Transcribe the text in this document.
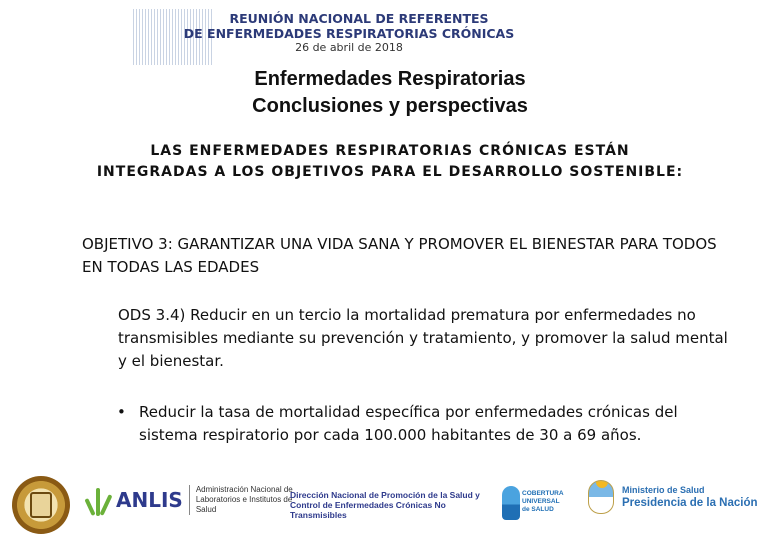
REUNIÓN NACIONAL DE REFERENTES
DE ENFERMEDADES RESPIRATORIAS CRÓNICAS
26 de abril de 2018
Enfermedades Respiratorias
Conclusiones y perspectivas
LAS ENFERMEDADES RESPIRATORIAS CRÓNICAS ESTÁN INTEGRADAS A LOS OBJETIVOS PARA EL DESARROLLO SOSTENIBLE:
OBJETIVO 3: GARANTIZAR UNA VIDA SANA Y PROMOVER EL BIENESTAR PARA TODOS EN TODAS LAS EDADES
ODS 3.4) Reducir en un tercio la mortalidad prematura por enfermedades no transmisibles mediante su prevención y tratamiento, y promover la salud mental y el bienestar.
• Reducir la tasa de mortalidad específica por enfermedades crónicas del sistema respiratorio por cada 100.000 habitantes de 30 a 69 años.
ANLIS Administración Nacional de Laboratorios e Institutos de Salud
Dirección Nacional de Promoción de la Salud y Control de Enfermedades Crónicas No Transmisibles
COBERTURA UNIVERSAL de SALUD
Ministerio de Salud
Presidencia de la Nación
